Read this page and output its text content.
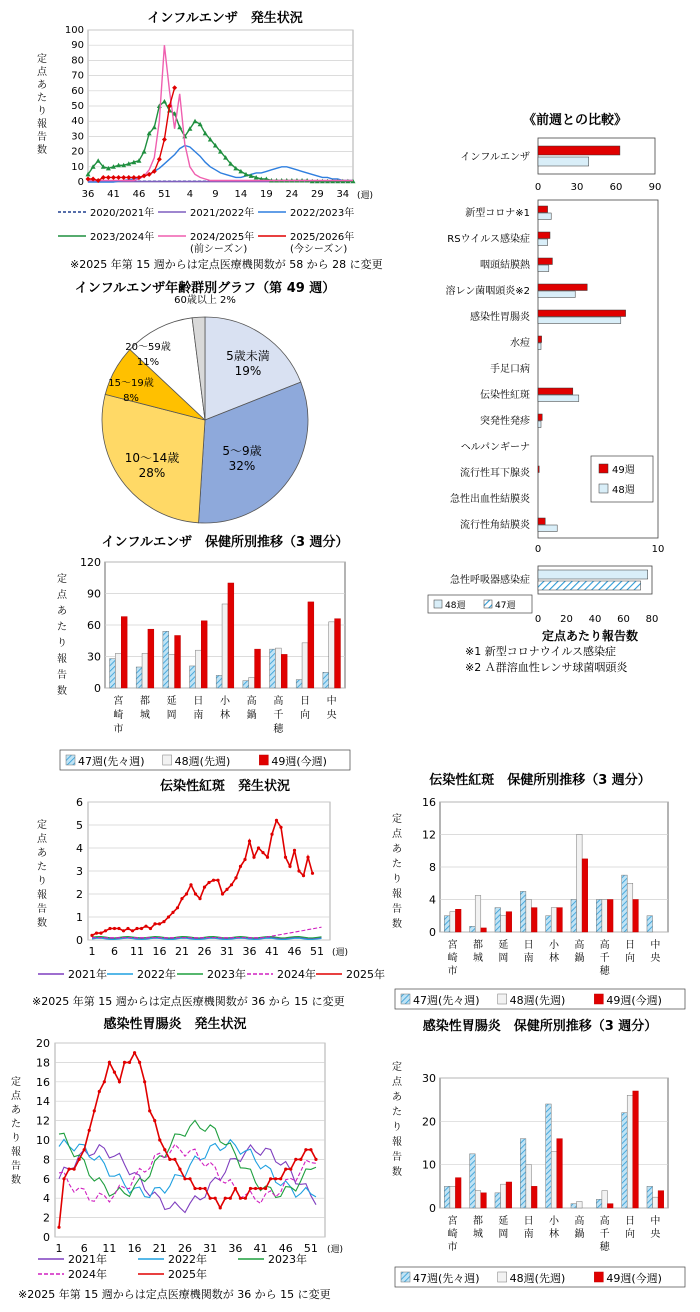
インフルエンザ　発生状況
0
10
20
30
40
50
60
70
80
90
100
36 41 46 51 4 9 14 19 24 29 34 (週)
2020/2021年	2021/2022年	2022/2023年
2023/2024年	2024/2025年
(前シーズン)
2025/2026年
(今シーズン)
※2025 年第 15 週からは定点医療機関数が 58 から 28 に変更
定
点
あ
た
り
報
告
数
インフルエンザ年齢群別グラフ（第 49 週）
5歳未満
19%
5～9歳
32%
10～14歳
28%
15～19歳
8%
20～59歳
11%
60歳以上 2%
《前週との比較》
インフルエンザ
0	30	60	90
新型コロナ※1
RSウイルス感染症
咽頭結膜熱
溶レン菌咽頭炎※2
感染性胃腸炎
水痘
手足口病
伝染性紅斑
突発性発疹
ヘルパンギーナ
流行性耳下腺炎
急性出血性結膜炎
流行性角結膜炎
0	10
49週
48週
急性呼吸器感染症
0 20 40 60 80
48週	47週
定点あたり報告数
※1 新型コロナウイルス感染症
※2 Ａ群溶血性レンサ球菌咽頭炎
インフルエンザ　保健所別推移（3 週分）
定
点
あ
た
り
報
告
数 0
30
60
90
120
宮
崎
市
都
城
延
岡
日
南
小
林
高
鍋
高
千
穂
日
向
中
央
47週(先々週)	48週(先週)	49週(今週)
伝染性紅斑　保健所別推移（3 週分）
定
点
あ
た
り
報
告
数
0
4
8
12
16
宮
崎
市
都
城
延
岡
日
南
小
林
高
鍋
高
千
穂
日
向
中
央
47週(先々週)	48週(先週)	49週(今週)
感染性胃腸炎　保健所別推移（3 週分）
定
点
あ
た
り
報
告
数
0
10
20
30
宮
崎
市
都
城
延
岡
日
南
小
林
高
鍋
高
千
穂
日
向
中
央
47週(先々週)	48週(先週)	49週(今週)
伝染性紅斑　発生状況
定
点
あ
た
り
報
告
数
0
1
2
3
4
5
6
1 6 11 16 21 26 31 36 41 46 51 (週)
2021年	2022年	2023年	2024年	2025年
※2025 年第 15 週からは定点医療機関数が 36 から 15 に変更
感染性胃腸炎　発生状況
定
点
あ
た
り
報
告
数
0
2
4
6
8
10
12
14
16
18
20
1 6 11 16 21 26 31 36 41 46 51 (週)
2021年	2022年	2023年
2024年	2025年
※2025 年第 15 週からは定点医療機関数が 36 から 15 に変更
